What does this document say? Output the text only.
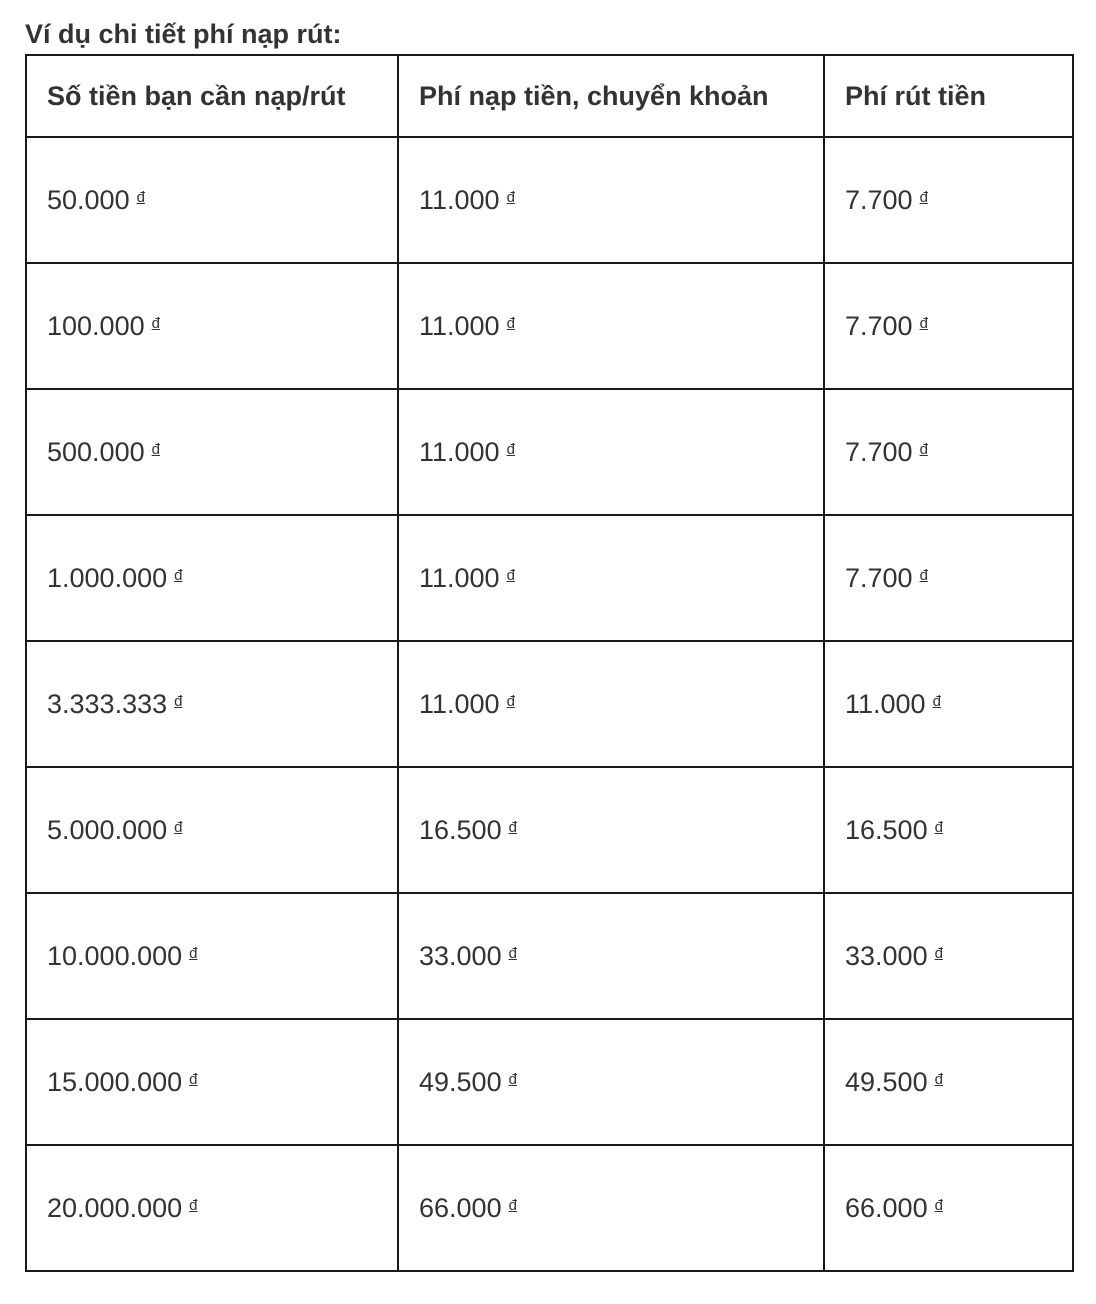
Ví dụ chi tiết phí nạp rút:
Số tiền bạn cần nạp/rút	Phí nạp tiền, chuyển khoản	Phí rút tiền
50.000 $^đ$	11.000 $^đ$	7.700 $^đ$
100.000 $^đ$	11.000 $^đ$	7.700 $^đ$
500.000 $^đ$	11.000 $^đ$	7.700 $^đ$
1.000.000 $^đ$	11.000 $^đ$	7.700 $^đ$
3.333.333 $^đ$	11.000 $^đ$	11.000 $^đ$
5.000.000 $^đ$	16.500 $^đ$	16.500 $^đ$
10.000.000 $^đ$	33.000 $^đ$	33.000 $^đ$
15.000.000 $^đ$	49.500 $^đ$	49.500 $^đ$
20.000.000 $^đ$	66.000 $^đ$	66.000 $^đ$
